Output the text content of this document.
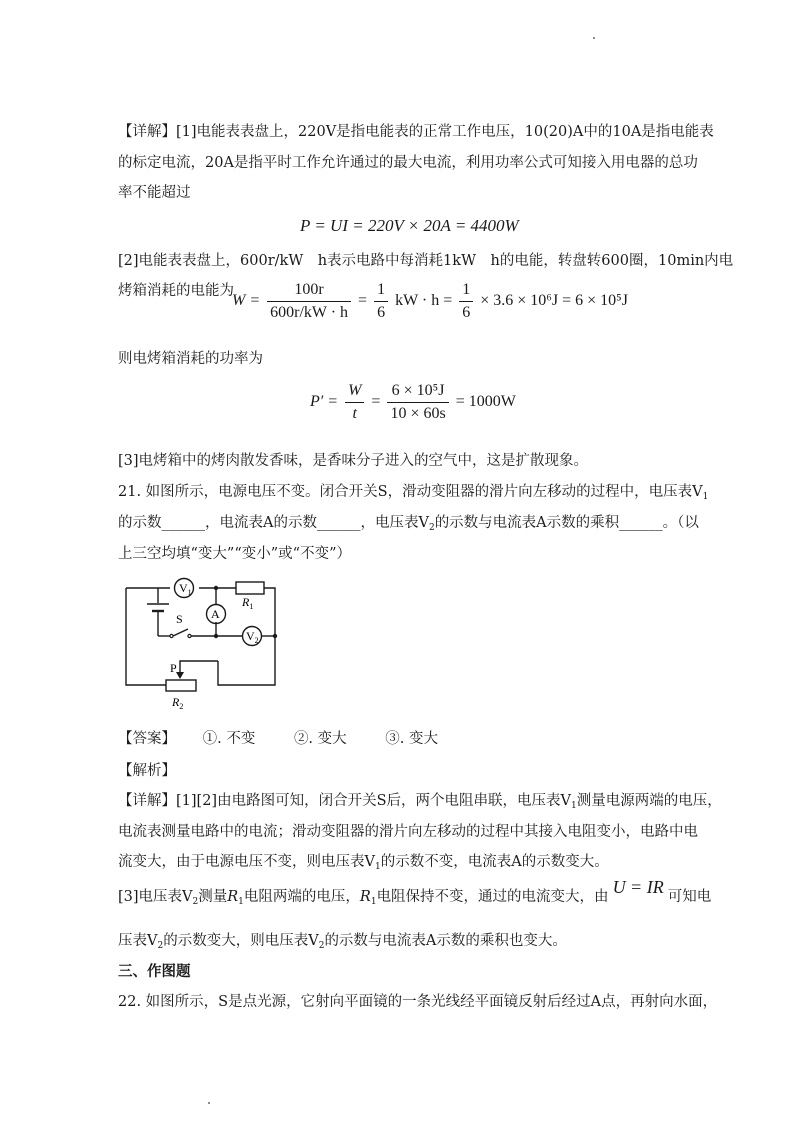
【详解】[1]电能表表盘上，220V是指电能表的正常工作电压，10(20)A中的10A是指电能表
的标定电流，20A是指平时工作允许通过的最大电流，利用功率公式可知接入用电器的总功
率不能超过
P = UI = 220V × 20A = 4400W
[2]电能表表盘上，600r/kW　h表示电路中每消耗1kW　h的电能，转盘转600圈，10min内电
烤箱消耗的电能为
$W = \frac{100r}{600r/kW \cdot h} = \frac{1}{6}$ kW · $h = \frac{1}{6} \times 3.6 \times 10^6J = 6 \times 10^5J$
则电烤箱消耗的功率为
$P' = \frac{W}{t} = \frac{\text{6 × 10⁵J}}{10 \times 60s} = 1000W$
[3]电烤箱中的烤肉散发香味，是香味分子进入的空气中，这是扩散现象。
21. 如图所示，电源电压不变。闭合开关S，滑动变阻器的滑片向左移动的过程中，电压表$V_1$
的示数______，电流表A的示数______，电压表$V_2$的示数与电流表A示数的乘积______。（以
上三空均填“变大”“变小”或“不变”）
$V_1$
A
$V_2$
$R_1$
S
P
$R_2$
【答案】 ①. 不变	②. 变大	③. 变大
【解析】
【详解】[1][2]由电路图可知，闭合开关S后，两个电阻串联，电压表$V_1$测量电源两端的电压，
电流表测量电路中的电流；滑动变阻器的滑片向左移动的过程中其接入电阻变小，电路中电
流变大，由于电源电压不变，则电压表$V_1$的示数不变，电流表A的示数变大。
[3]电压表$V_2$测量$R_1$电阻两端的电压，$R_1$电阻保持不变，通过的电流变大，由 U = IR 可知电
压表$V_2$的示数变大，则电压表$V_2$的示数与电流表A示数的乘积也变大。
三、作图题
22. 如图所示，S是点光源，它射向平面镜的一条光线经平面镜反射后经过A点，再射向水面，
